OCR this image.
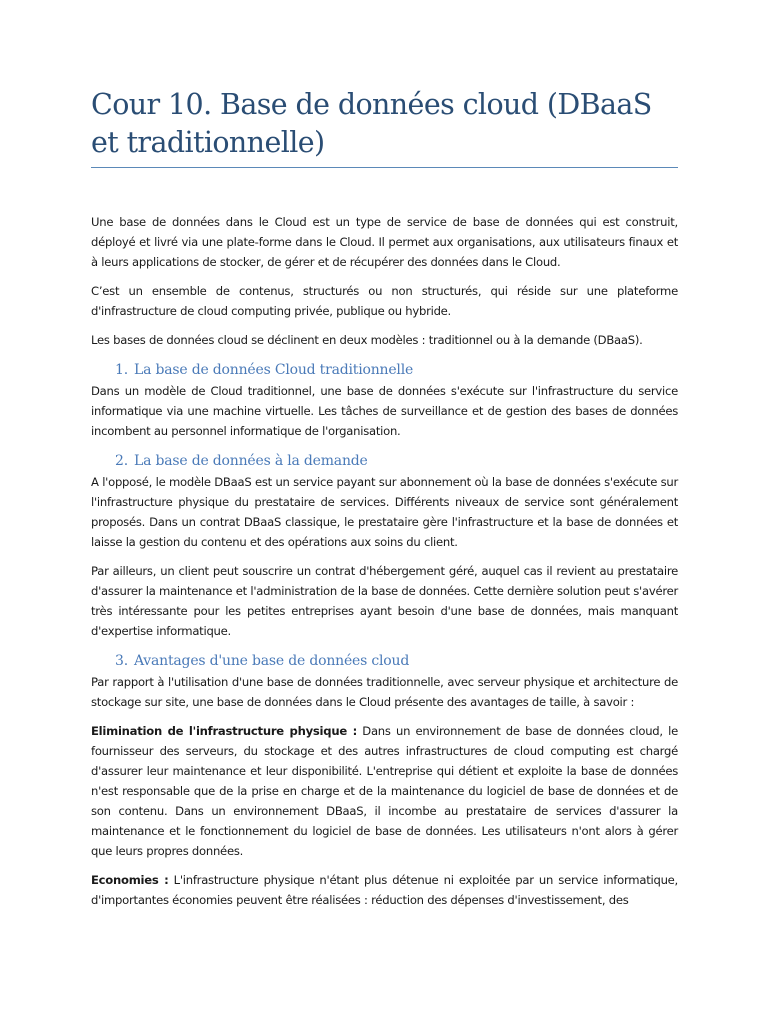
Cour 10. Base de données cloud (DBaaS et traditionnelle)

Une base de données dans le Cloud est un type de service de base de données qui est construit, déployé et livré via une plate-forme dans le Cloud. Il permet aux organisations, aux utilisateurs finaux et à leurs applications de stocker, de gérer et de récupérer des données dans le Cloud.

C’est un ensemble de contenus, structurés ou non structurés, qui réside sur une plateforme d'infrastructure de cloud computing privée, publique ou hybride.

Les bases de données cloud se déclinent en deux modèles : traditionnel ou à la demande (DBaaS).

1. La base de données Cloud traditionnelle

Dans un modèle de Cloud traditionnel, une base de données s'exécute sur l'infrastructure du service informatique via une machine virtuelle. Les tâches de surveillance et de gestion des bases de données incombent au personnel informatique de l'organisation.

2. La base de données à la demande

A l'opposé, le modèle DBaaS est un service payant sur abonnement où la base de données s'exécute sur l'infrastructure physique du prestataire de services. Différents niveaux de service sont généralement proposés. Dans un contrat DBaaS classique, le prestataire gère l'infrastructure et la base de données et laisse la gestion du contenu et des opérations aux soins du client.

Par ailleurs, un client peut souscrire un contrat d'hébergement géré, auquel cas il revient au prestataire d'assurer la maintenance et l'administration de la base de données. Cette dernière solution peut s'avérer très intéressante pour les petites entreprises ayant besoin d'une base de données, mais manquant d'expertise informatique.

3. Avantages d'une base de données cloud

Par rapport à l'utilisation d'une base de données traditionnelle, avec serveur physique et architecture de stockage sur site, une base de données dans le Cloud présente des avantages de taille, à savoir :

Elimination de l'infrastructure physique : Dans un environnement de base de données cloud, le fournisseur des serveurs, du stockage et des autres infrastructures de cloud computing est chargé d'assurer leur maintenance et leur disponibilité. L'entreprise qui détient et exploite la base de données n'est responsable que de la prise en charge et de la maintenance du logiciel de base de données et de son contenu. Dans un environnement DBaaS, il incombe au prestataire de services d'assurer la maintenance et le fonctionnement du logiciel de base de données. Les utilisateurs n'ont alors à gérer que leurs propres données.

Economies : L'infrastructure physique n'étant plus détenue ni exploitée par un service informatique, d'importantes économies peuvent être réalisées : réduction des dépenses d'investissement, des
